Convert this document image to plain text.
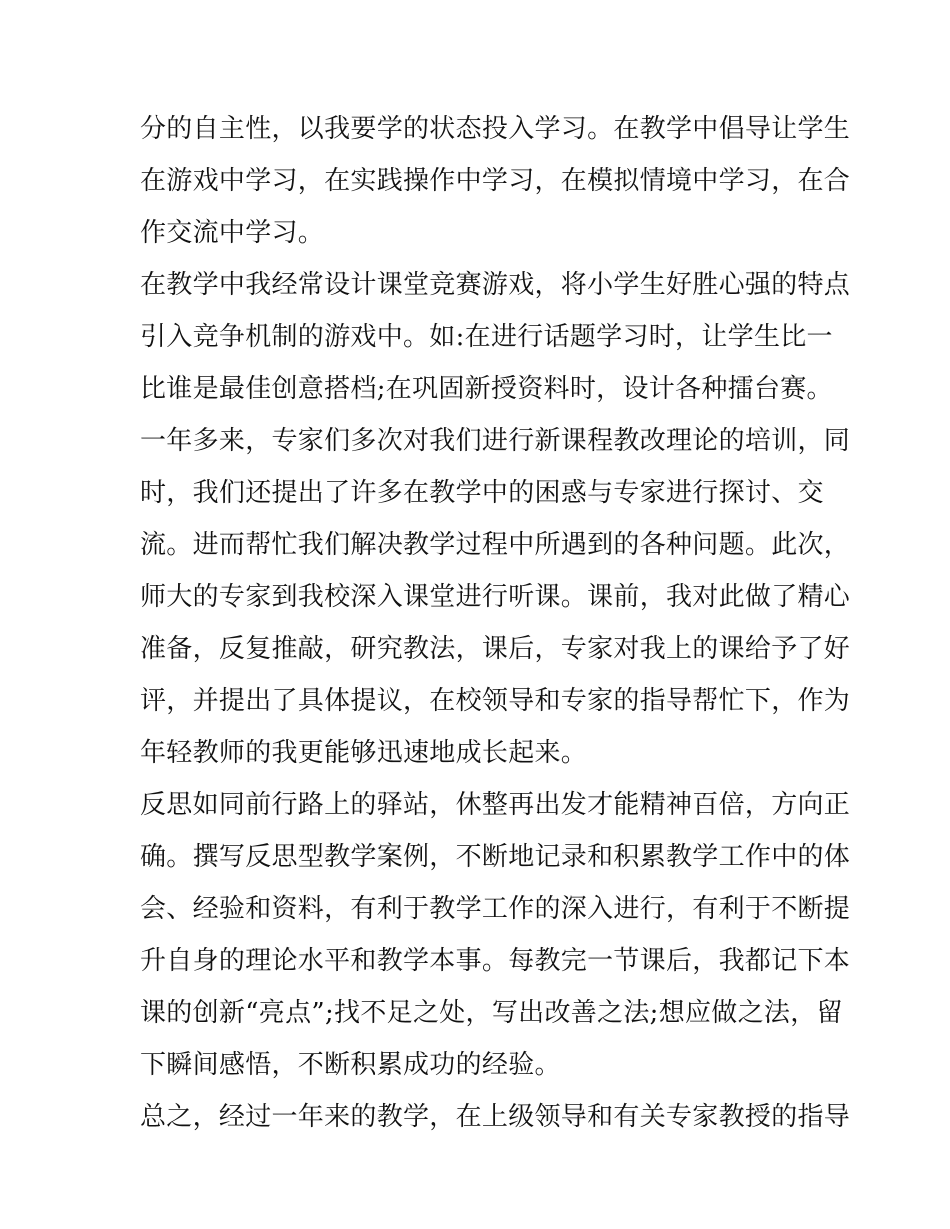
分的自主性，以我要学的状态投入学习。在教学中倡导让学生
在游戏中学习，在实践操作中学习，在模拟情境中学习，在合
作交流中学习。
在教学中我经常设计课堂竞赛游戏，将小学生好胜心强的特点
引入竞争机制的游戏中。如:在进行话题学习时，让学生比一
比谁是最佳创意搭档;在巩固新授资料时，设计各种擂台赛。
一年多来，专家们多次对我们进行新课程教改理论的培训，同
时，我们还提出了许多在教学中的困惑与专家进行探讨、交
流。进而帮忙我们解决教学过程中所遇到的各种问题。此次，
师大的专家到我校深入课堂进行听课。课前，我对此做了精心
准备，反复推敲，研究教法，课后，专家对我上的课给予了好
评，并提出了具体提议，在校领导和专家的指导帮忙下，作为
年轻教师的我更能够迅速地成长起来。
反思如同前行路上的驿站，休整再出发才能精神百倍，方向正
确。撰写反思型教学案例，不断地记录和积累教学工作中的体
会、经验和资料，有利于教学工作的深入进行，有利于不断提
升自身的理论水平和教学本事。每教完一节课后，我都记下本
课的创新“亮点”;找不足之处，写出改善之法;想应做之法，留
下瞬间感悟，不断积累成功的经验。
总之，经过一年来的教学，在上级领导和有关专家教授的指导
